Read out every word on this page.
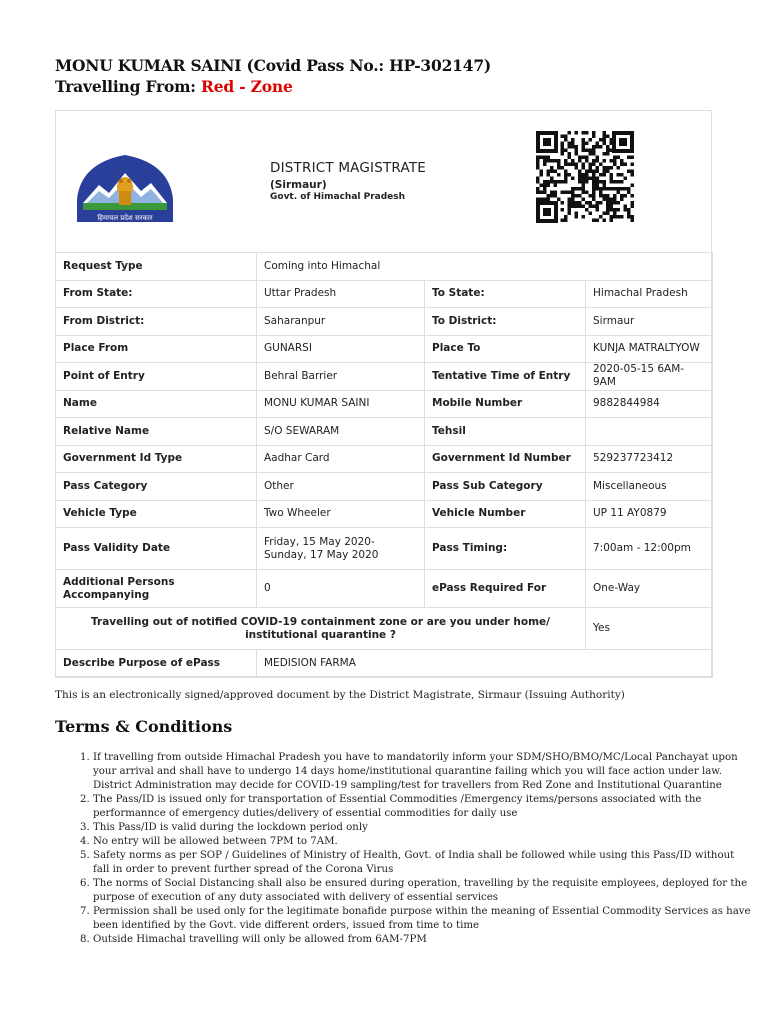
MONU KUMAR SAINI (Covid Pass No.: HP-302147)
Travelling From: Red - Zone
हिमाचल प्रदेश सरकार
DISTRICT MAGISTRATE
(Sirmaur)
Govt. of Himachal Pradesh
Request Type	Coming into Himachal		
From State:	Uttar Pradesh	To State:	Himachal Pradesh
From District:	Saharanpur	To District:	Sirmaur
Place From	GUNARSI	Place To	KUNJA MATRALTYOW
Point of Entry	Behral Barrier	Tentative Time of Entry	2020-05-15 6AM-9AM
Name	MONU KUMAR SAINI	Mobile Number	9882844984
Relative Name	S/O SEWARAM	Tehsil	
Government Id Type	Aadhar Card	Government Id Number	529237723412
Pass Category	Other	Pass Sub Category	Miscellaneous
Vehicle Type	Two Wheeler	Vehicle Number	UP 11 AY0879
Pass Validity Date	Friday, 15 May 2020-Sunday, 17 May 2020	Pass Timing:	7:00am - 12:00pm
Additional Persons Accompanying	0	ePass Required For	One-Way
Travelling out of notified COVID-19 containment zone or are you under home/ institutional quarantine ?			Yes
Describe Purpose of ePass	MEDISION FARMA		
This is an electronically signed/approved document by the District Magistrate, Sirmaur (Issuing Authority)
Terms & Conditions
1. If travelling from outside Himachal Pradesh you have to mandatorily inform your SDM/SHO/BMO/MC/Local Panchayat upon your arrival and shall have to undergo 14 days home/institutional quarantine failing which you will face action under law. District Administration may decide for COVID-19 sampling/test for travellers from Red Zone and Institutional Quarantine
2. The Pass/ID is issued only for transportation of Essential Commodities /Emergency items/persons associated with the performannce of emergency duties/delivery of essential commodities for daily use
3. This Pass/ID is valid during the lockdown period only
4. No entry will be allowed between 7PM to 7AM.
5. Safety norms as per SOP / Guidelines of Ministry of Health, Govt. of India shall be followed while using this Pass/ID without fall in order to prevent further spread of the Corona Virus
6. The norms of Social Distancing shall also be ensured during operation, travelling by the requisite employees, deployed for the purpose of execution of any duty associated with delivery of essential services
7. Permission shall be used only for the legitimate bonafide purpose within the meaning of Essential Commodity Services as have been identified by the Govt. vide different orders, issued from time to time
8. Outside Himachal travelling will only be allowed from 6AM-7PM
